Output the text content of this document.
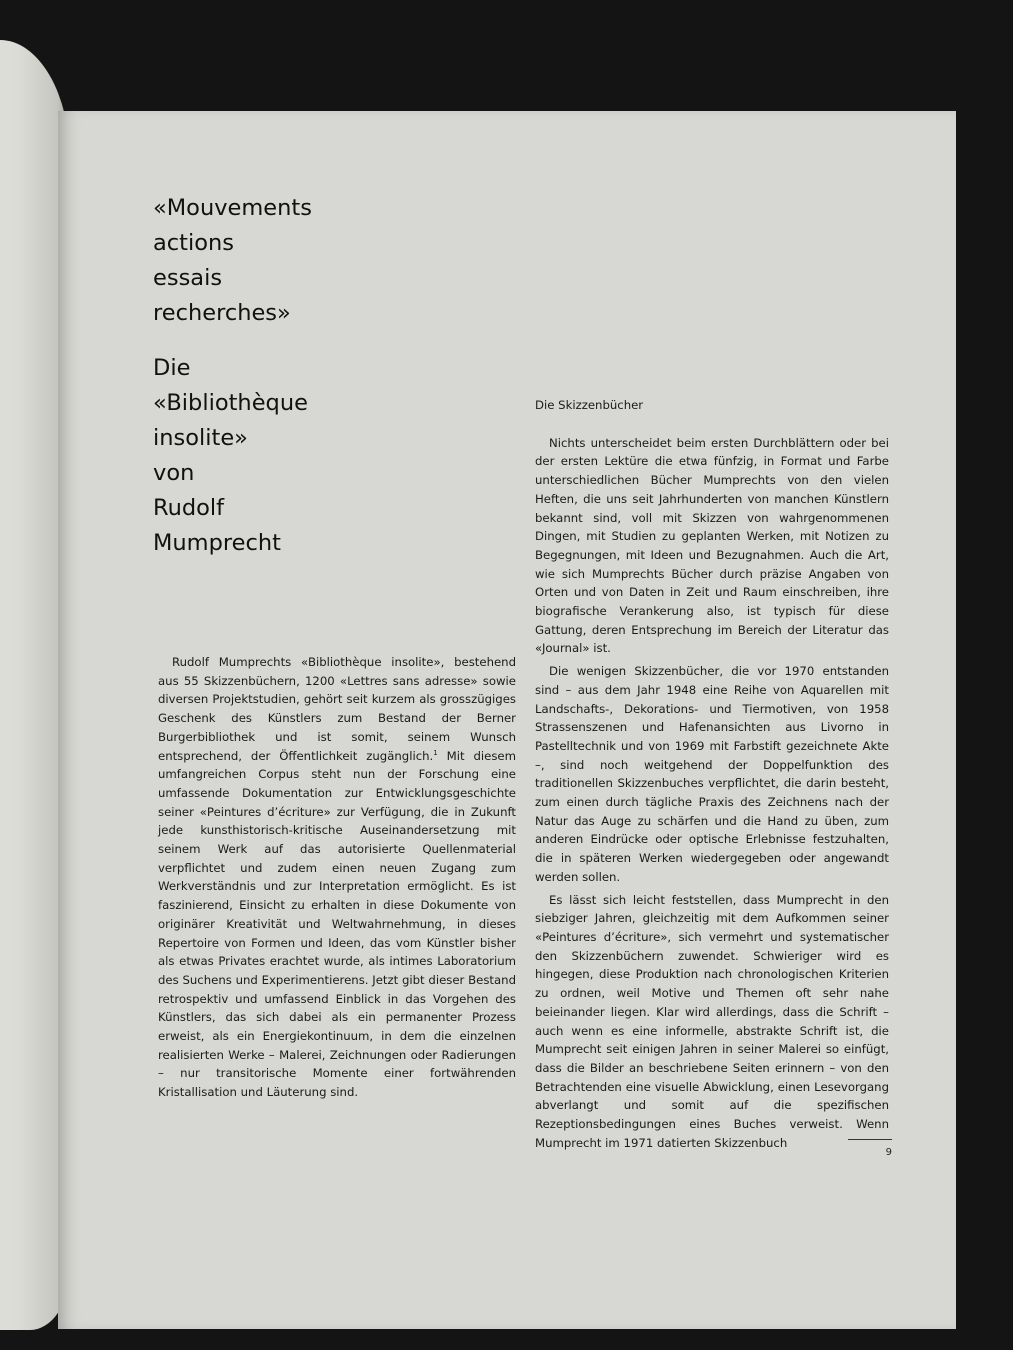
«Mouvements
actions
essais
recherches»
Die
«Bibliothèque
insolite»
von
Rudolf
Mumprecht

Rudolf Mumprechts «Bibliothèque insolite», bestehend aus 55 Skizzenbüchern, 1200 «Lettres sans adresse» sowie diversen Projektstudien, gehört seit kurzem als grosszügiges Geschenk des Künstlers zum Bestand der Berner Burgerbibliothek und ist somit, seinem Wunsch entsprechend, der Öffentlichkeit zugänglich.$^1$ Mit diesem umfangreichen Corpus steht nun der Forschung eine umfassende Dokumentation zur Entwicklungsgeschichte seiner «Peintures d’écriture» zur Verfügung, die in Zukunft jede kunsthistorisch-kritische Auseinandersetzung mit seinem Werk auf das autorisierte Quellenmaterial verpflichtet und zudem einen neuen Zugang zum Werkverständnis und zur Interpretation ermöglicht. Es ist faszinierend, Einsicht zu erhalten in diese Dokumente von originärer Kreativität und Weltwahrnehmung, in dieses Repertoire von Formen und Ideen, das vom Künstler bisher als etwas Privates erachtet wurde, als intimes Laboratorium des Suchens und Experimentierens. Jetzt gibt dieser Bestand retrospektiv und umfassend Einblick in das Vorgehen des Künstlers, das sich dabei als ein permanenter Prozess erweist, als ein Energiekontinuum, in dem die einzelnen realisierten Werke – Malerei, Zeichnungen oder Radierungen – nur transitorische Momente einer fortwährenden Kristallisation und Läuterung sind.

Die Skizzenbücher

Nichts unterscheidet beim ersten Durchblättern oder bei der ersten Lektüre die etwa fünfzig, in Format und Farbe unterschiedlichen Bücher Mumprechts von den vielen Heften, die uns seit Jahrhunderten von manchen Künstlern bekannt sind, voll mit Skizzen von wahrgenommenen Dingen, mit Studien zu geplanten Werken, mit Notizen zu Begegnungen, mit Ideen und Bezugnahmen. Auch die Art, wie sich Mumprechts Bücher durch präzise Angaben von Orten und von Daten in Zeit und Raum einschreiben, ihre biografische Verankerung also, ist typisch für diese Gattung, deren Entsprechung im Bereich der Literatur das «Journal» ist.

Die wenigen Skizzenbücher, die vor 1970 entstanden sind – aus dem Jahr 1948 eine Reihe von Aquarellen mit Landschafts-, Dekorations- und Tiermotiven, von 1958 Strassenszenen und Hafenansichten aus Livorno in Pastelltechnik und von 1969 mit Farbstift gezeichnete Akte –, sind noch weitgehend der Doppelfunktion des traditionellen Skizzenbuches verpflichtet, die darin besteht, zum einen durch tägliche Praxis des Zeichnens nach der Natur das Auge zu schärfen und die Hand zu üben, zum anderen Eindrücke oder optische Erlebnisse festzuhalten, die in späteren Werken wiedergegeben oder angewandt werden sollen.

Es lässt sich leicht feststellen, dass Mumprecht in den siebziger Jahren, gleichzeitig mit dem Aufkommen seiner «Peintures d’écriture», sich vermehrt und systematischer den Skizzenbüchern zuwendet. Schwieriger wird es hingegen, diese Produktion nach chronologischen Kriterien zu ordnen, weil Motive und Themen oft sehr nahe beieinander liegen. Klar wird allerdings, dass die Schrift – auch wenn es eine informelle, abstrakte Schrift ist, die Mumprecht seit einigen Jahren in seiner Malerei so einfügt, dass die Bilder an beschriebene Seiten erinnern – von den Betrachtenden eine visuelle Abwicklung, einen Lesevorgang abverlangt und somit auf die spezifischen Rezeptionsbedingungen eines Buches verweist. Wenn Mumprecht im 1971 datierten Skizzenbuch

9
